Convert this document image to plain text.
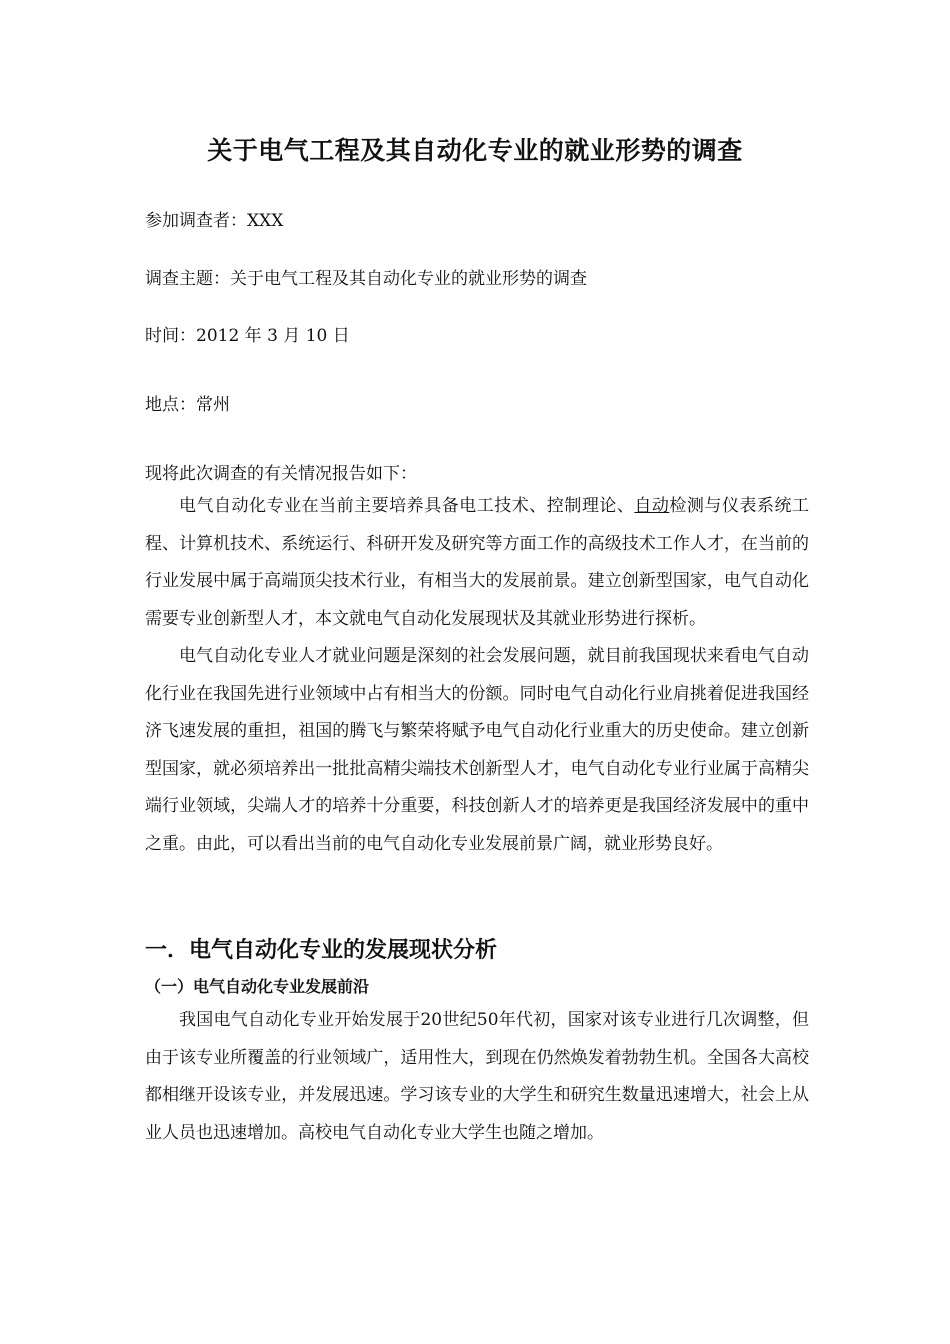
关于电气工程及其自动化专业的就业形势的调查
参加调查者：XXX
调查主题：关于电气工程及其自动化专业的就业形势的调查
时间：2012 年 3 月 10 日
地点：常州
现将此次调查的有关情况报告如下：

电气自动化专业在当前主要培养具备电工技术、控制理论、自动检测与仪表系统工程、计算机技术、系统运行、科研开发及研究等方面工作的高级技术工作人才，在当前的行业发展中属于高端顶尖技术行业，有相当大的发展前景。建立创新型国家，电气自动化需要专业创新型人才，本文就电气自动化发展现状及其就业形势进行探析。

电气自动化专业人才就业问题是深刻的社会发展问题，就目前我国现状来看电气自动化行业在我国先进行业领域中占有相当大的份额。同时电气自动化行业肩挑着促进我国经济飞速发展的重担，祖国的腾飞与繁荣将赋予电气自动化行业重大的历史使命。建立创新型国家，就必须培养出一批批高精尖端技术创新型人才，电气自动化专业行业属于高精尖端行业领域，尖端人才的培养十分重要，科技创新人才的培养更是我国经济发展中的重中之重。由此，可以看出当前的电气自动化专业发展前景广阔，就业形势良好。

一．电气自动化专业的发展现状分析
（一）电气自动化专业发展前沿

我国电气自动化专业开始发展于20世纪50年代初，国家对该专业进行几次调整，但由于该专业所覆盖的行业领域广，适用性大，到现在仍然焕发着勃勃生机。全国各大高校都相继开设该专业，并发展迅速。学习该专业的大学生和研究生数量迅速增大，社会上从业人员也迅速增加。高校电气自动化专业大学生也随之增加。
